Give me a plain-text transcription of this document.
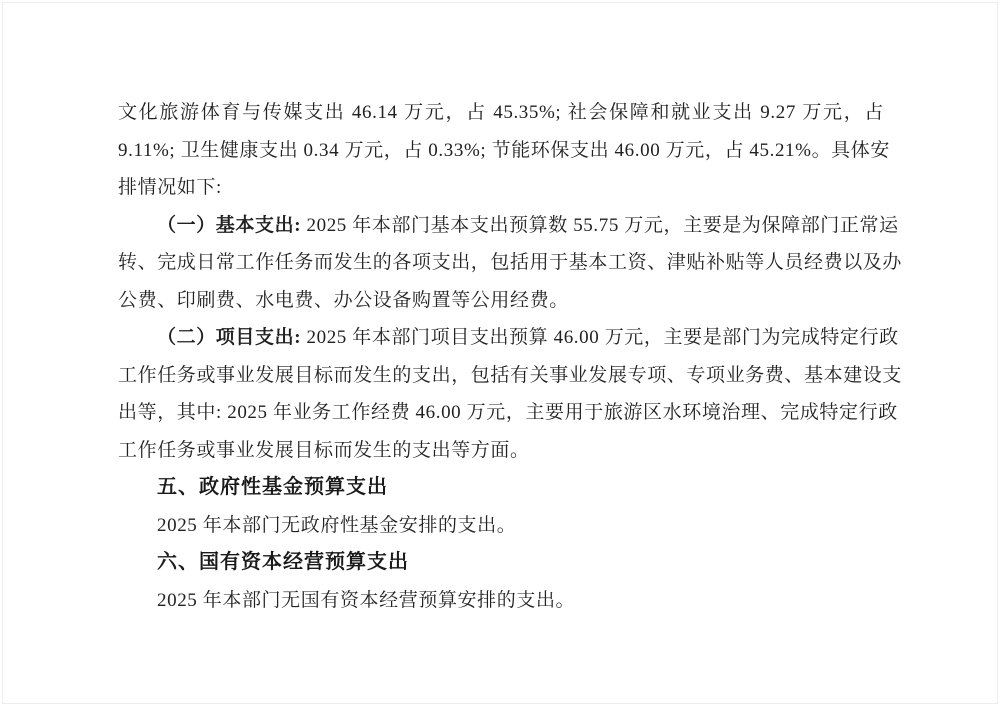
文化旅游体育与传媒支出 46.14 万元，占 45.35%; 社会保障和就业支出 9.27 万元，占
9.11%; 卫生健康支出 0.34 万元，占 0.33%; 节能环保支出 46.00 万元，占 45.21%。具体安
排情况如下:
（一）基本支出: 2025 年本部门基本支出预算数 55.75 万元，主要是为保障部门正常运
转、完成日常工作任务而发生的各项支出，包括用于基本工资、津贴补贴等人员经费以及办
公费、印刷费、水电费、办公设备购置等公用经费。
（二）项目支出: 2025 年本部门项目支出预算 46.00 万元，主要是部门为完成特定行政
工作任务或事业发展目标而发生的支出，包括有关事业发展专项、专项业务费、基本建设支
出等，其中: 2025 年业务工作经费 46.00 万元，主要用于旅游区水环境治理、完成特定行政
工作任务或事业发展目标而发生的支出等方面。
五、政府性基金预算支出
2025 年本部门无政府性基金安排的支出。
六、国有资本经营预算支出
2025 年本部门无国有资本经营预算安排的支出。
